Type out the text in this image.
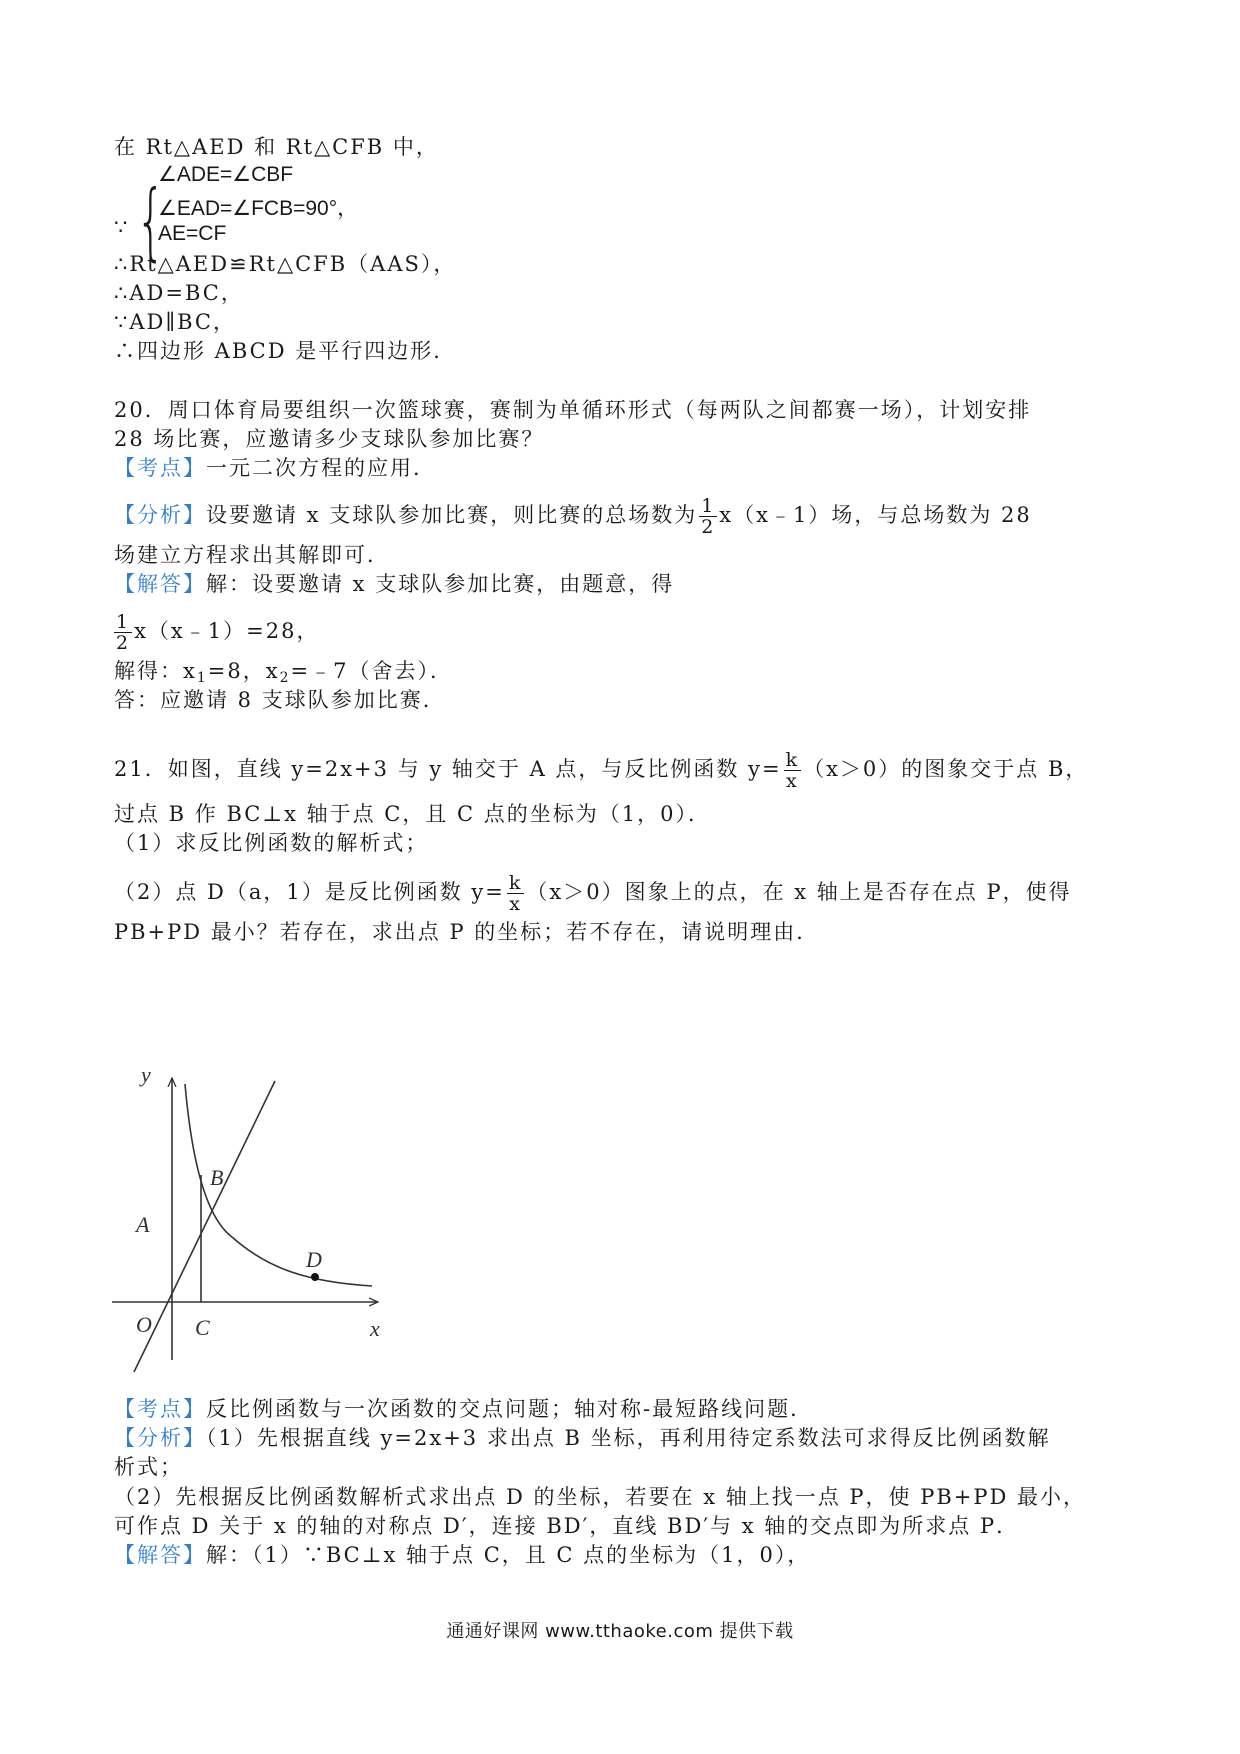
在 Rt△AED 和 Rt△CFB 中，
∵ {
∠ADE=∠CBF
∠EAD=∠FCB=90°，
AE=CF
∴Rt△AED≌Rt△CFB（AAS），
∴AD=BC，
∵AD∥BC，
∴四边形 ABCD 是平行四边形．
20．周口体育局要组织一次篮球赛，赛制为单循环形式（每两队之间都赛一场），计划安排
28 场比赛，应邀请多少支球队参加比赛？
【考点】一元二次方程的应用．
【分析】设要邀请 x 支球队参加比赛，则比赛的总场数为 $\frac{1}{2}$ x（x﹣1）场，与总场数为 28
场建立方程求出其解即可．
【解答】解：设要邀请 x 支球队参加比赛，由题意，得
$\frac{1}{2}$ x（x﹣1）=28，
解得：$x_1=8$，$x_2=﹣7$（舍去）．
答：应邀请 8 支球队参加比赛．
21．如图，直线 y=2x+3 与 y 轴交于 A 点，与反比例函数 $y= \frac{k}{x} (x>0)$的图象交于点 B，
过点 B 作 BC⊥x 轴于点 C，且 C 点的坐标为（1，0）．
（1）求反比例函数的解析式；
（2）点 D（a，1）是反比例函数 $y= \frac{k}{x} (x>0)$图象上的点，在 x 轴上是否存在点 P，使得
PB+PD 最小？若存在，求出点 P 的坐标；若不存在，请说明理由．
y
x
O
A
B
C
D
【考点】反比例函数与一次函数的交点问题；轴对称-最短路线问题．
【分析】（1）先根据直线 y=2x+3 求出点 B 坐标，再利用待定系数法可求得反比例函数解
析式；
（2）先根据反比例函数解析式求出点 D 的坐标，若要在 x 轴上找一点 P，使 PB+PD 最小，
可作点 D 关于 x 的轴的对称点 D′，连接 BD′，直线 BD′与 x 轴的交点即为所求点 P．
【解答】解：（1）∵BC⊥x 轴于点 C，且 C 点的坐标为（1，0），
通通好课网 www.tthaoke.com 提供下载
